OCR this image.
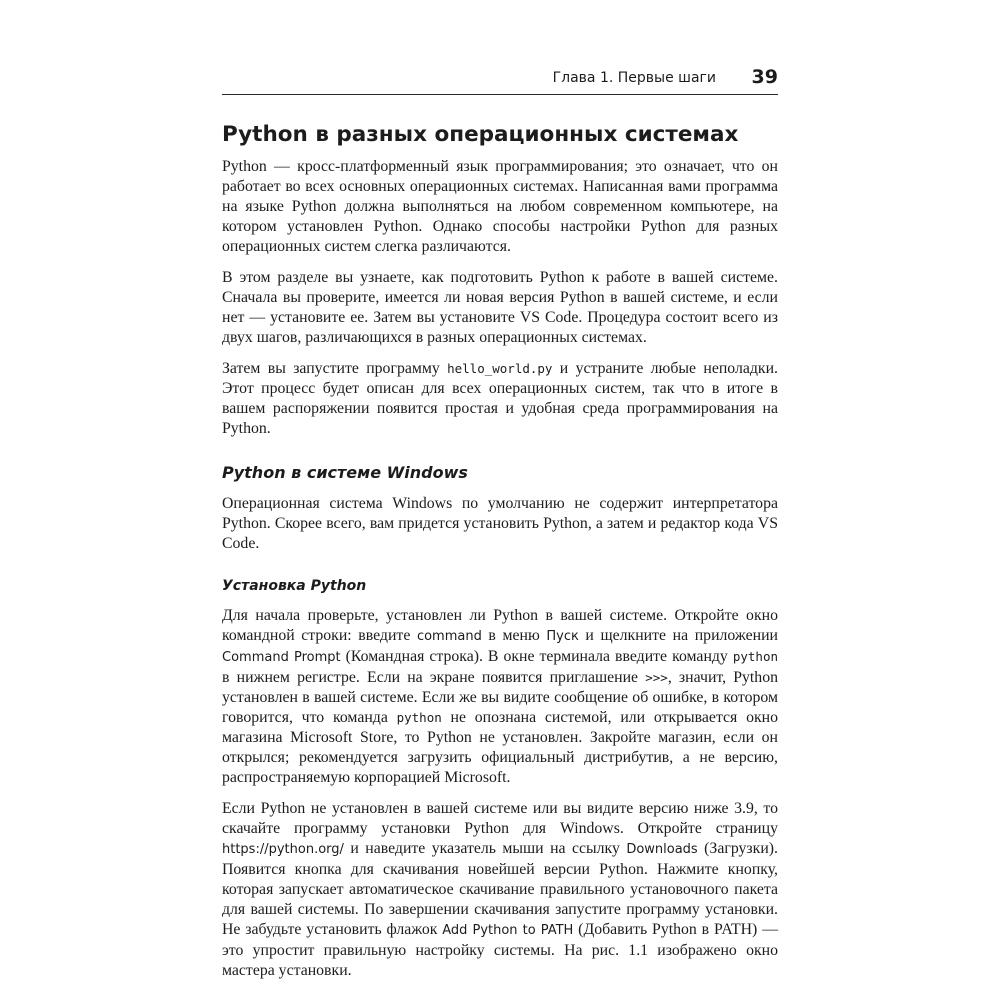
Глава 1. Первые шаги 39
Python в разных операционных системах

Python — кросс-платформенный язык программирования; это означает, что он работает во всех основных операционных системах. Написанная вами программа на языке Python должна выполняться на любом современном компьютере, на котором установлен Python. Однако способы настройки Python для разных операционных систем слегка различаются.

В этом разделе вы узнаете, как подготовить Python к работе в вашей системе. Сначала вы проверите, имеется ли новая версия Python в вашей системе, и если нет — установите ее. Затем вы установите VS Code. Процедура состоит всего из двух шагов, различающихся в разных операционных системах.

Затем вы запустите программу hello_world.py и устраните любые неполадки. Этот процесс будет описан для всех операционных систем, так что в итоге в вашем распоряжении появится простая и удобная среда программирования на Python.

Python в системе Windows

Операционная система Windows по умолчанию не содержит интерпретатора Python. Скорее всего, вам придется установить Python, а затем и редактор кода VS Code.

Установка Python

Для начала проверьте, установлен ли Python в вашей системе. Откройте окно командной строки: введите command в меню Пуск и щелкните на приложении Command Prompt (Командная строка). В окне терминала введите команду python в нижнем регистре. Если на экране появится приглашение >>>, значит, Python установлен в вашей системе. Если же вы видите сообщение об ошибке, в котором говорится, что команда python не опознана системой, или открывается окно магазина Microsoft Store, то Python не установлен. Закройте магазин, если он открылся; рекомендуется загрузить официальный дистрибутив, а не версию, распространяемую корпорацией Microsoft.

Если Python не установлен в вашей системе или вы видите версию ниже 3.9, то скачайте программу установки Python для Windows. Откройте страницу https://python.org/ и наведите указатель мыши на ссылку Downloads (Загрузки). Появится кнопка для скачивания новейшей версии Python. Нажмите кнопку, которая запускает автоматическое скачивание правильного установочного пакета для вашей системы. По завершении скачивания запустите программу установки. Не забудьте установить флажок Add Python to PATH (Добавить Python в PATH) — это упростит правильную настройку системы. На рис. 1.1 изображено окно мастера установки.
